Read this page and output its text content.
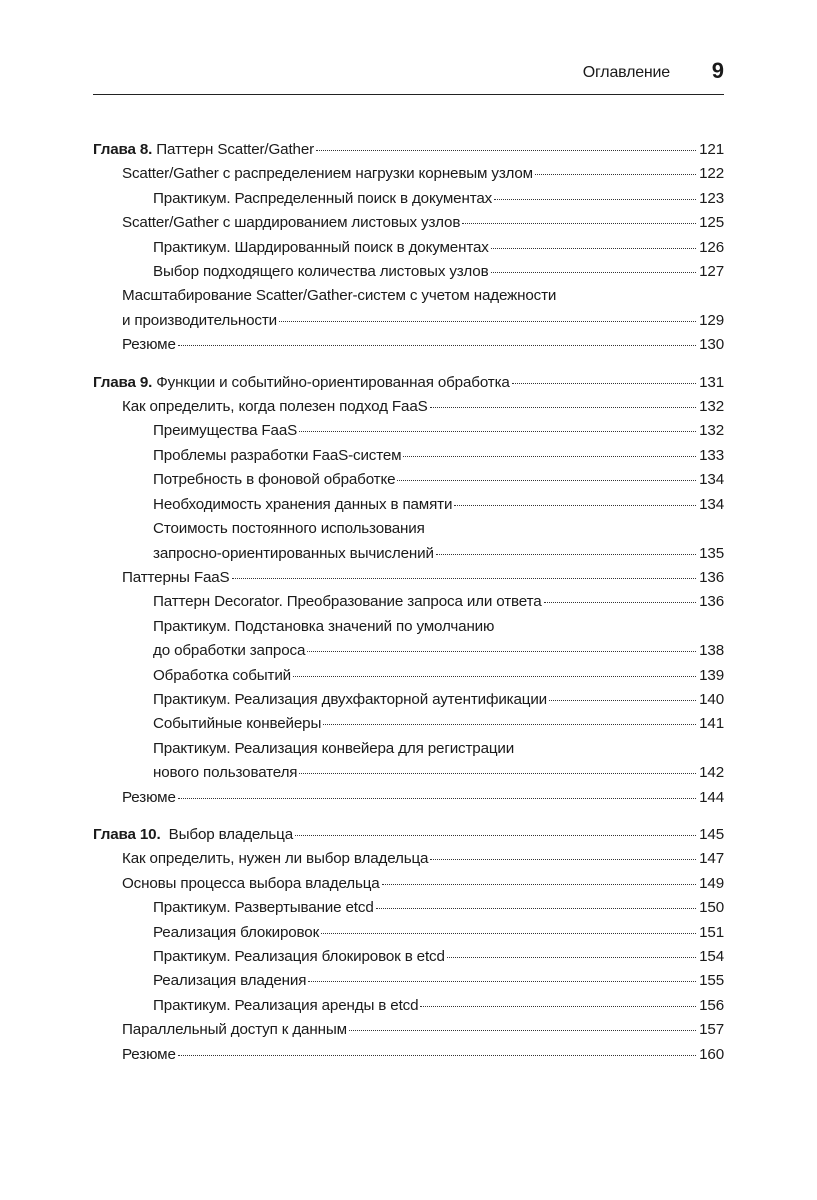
Оглавление 9
Глава 8. Паттерн Scatter/Gather	121
Scatter/Gather с распределением нагрузки корневым узлом	122
Практикум. Распределенный поиск в документах	123
Scatter/Gather с шардированием листовых узлов	125
Практикум. Шардированный поиск в документах	126
Выбор подходящего количества листовых узлов	127
Масштабирование Scatter/Gather-систем с учетом надежности
и производительности	129
Резюме	130
Глава 9. Функции и событийно-ориентированная обработка	131
Как определить, когда полезен подход FaaS	132
Преимущества FaaS	132
Проблемы разработки FaaS-систем	133
Потребность в фоновой обработке	134
Необходимость хранения данных в памяти	134
Стоимость постоянного использования
запросно-ориентированных вычислений	135
Паттерны FaaS	136
Паттерн Decorator. Преобразование запроса или ответа	136
Практикум. Подстановка значений по умолчанию
до обработки запроса	138
Обработка событий	139
Практикум. Реализация двухфакторной аутентификации	140
Событийные конвейеры	141
Практикум. Реализация конвейера для регистрации
нового пользователя	142
Резюме	144
Глава 10.  Выбор владельца	145
Как определить, нужен ли выбор владельца	147
Основы процесса выбора владельца	149
Практикум. Развертывание etcd	150
Реализация блокировок	151
Практикум. Реализация блокировок в etcd	154
Реализация владения	155
Практикум. Реализация аренды в etcd	156
Параллельный доступ к данным	157
Резюме	160
